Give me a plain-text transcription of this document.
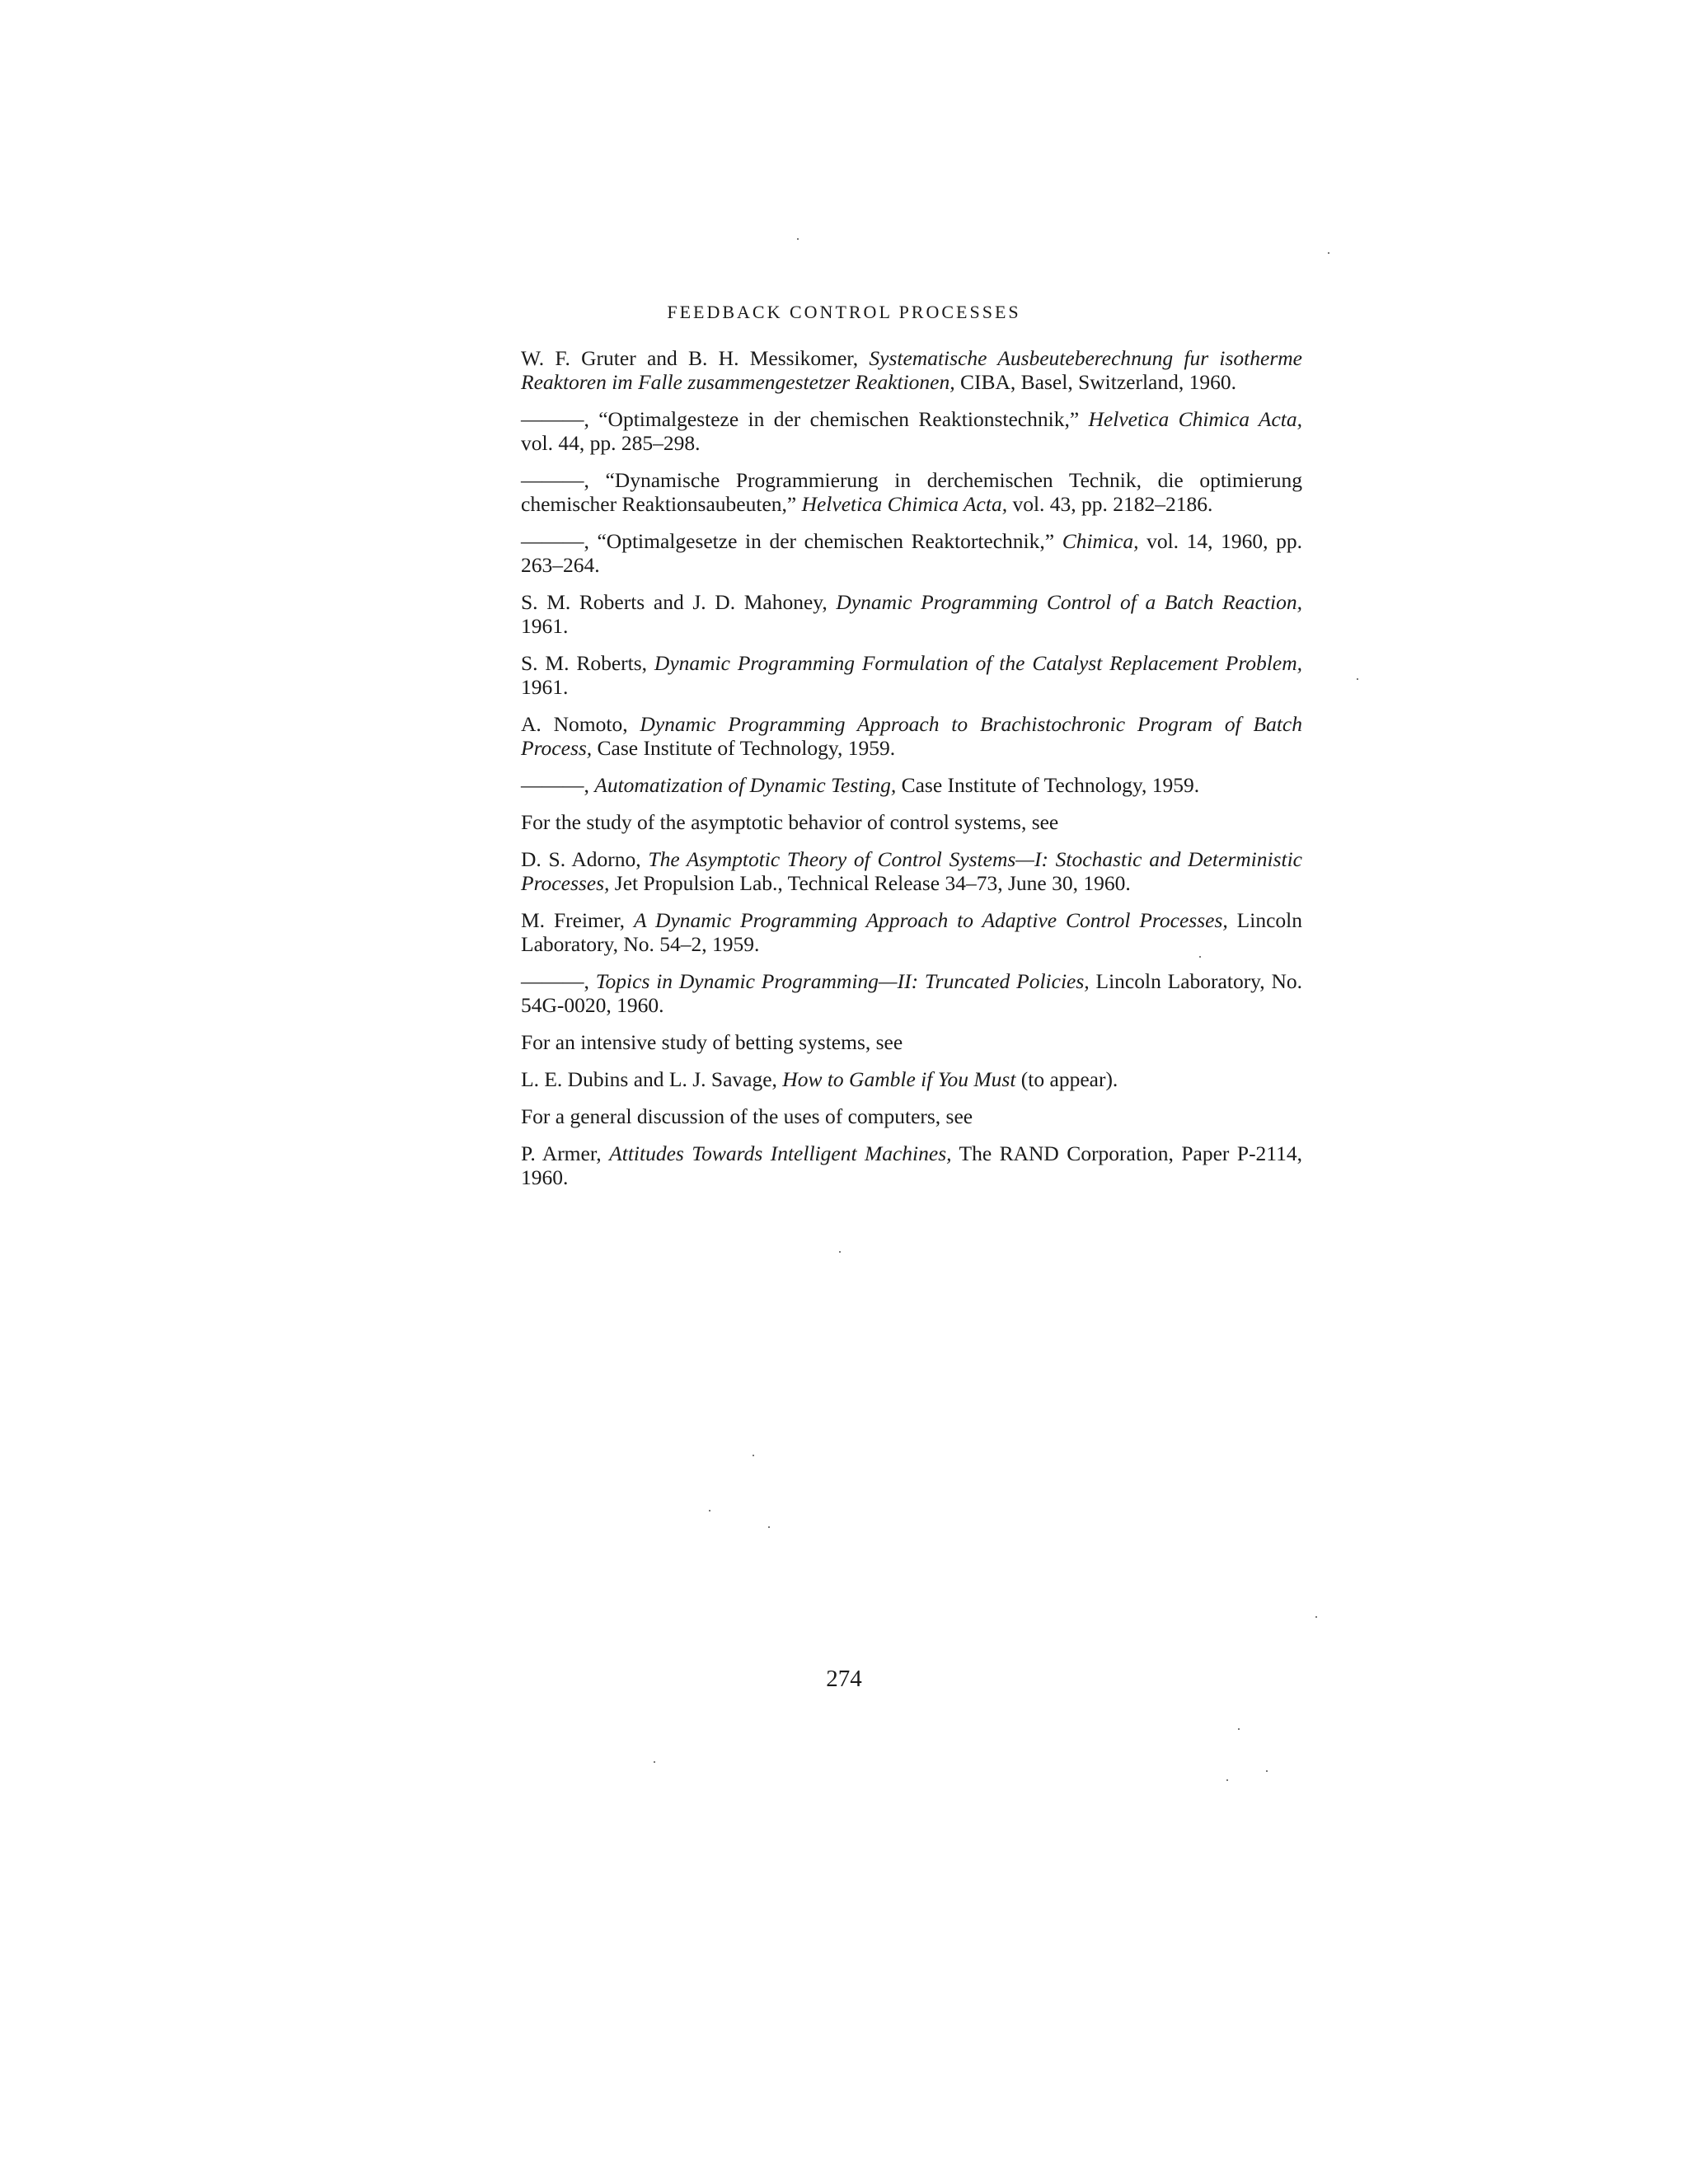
FEEDBACK CONTROL PROCESSES

W. F. Gruter and B. H. Messikomer, Systematische Ausbeuteberechnung fur isotherme Reaktoren im Falle zusammengestetzer Reaktionen, CIBA, Basel, Switzerland, 1960.

———, “Optimalgesteze in der chemischen Reaktionstechnik,” Helvetica Chimica Acta, vol. 44, pp. 285–298.

———, “Dynamische Programmierung in derchemischen Technik, die optimierung chemischer Reaktionsaubeuten,” Helvetica Chimica Acta, vol. 43, pp. 2182–2186.

———, “Optimalgesetze in der chemischen Reaktortechnik,” Chimica, vol. 14, 1960, pp. 263–264.

S. M. Roberts and J. D. Mahoney, Dynamic Programming Control of a Batch Reaction, 1961.

S. M. Roberts, Dynamic Programming Formulation of the Catalyst Replacement Problem, 1961.

A. Nomoto, Dynamic Programming Approach to Brachistochronic Program of Batch Process, Case Institute of Technology, 1959.

———, Automatization of Dynamic Testing, Case Institute of Technology, 1959.

For the study of the asymptotic behavior of control systems, see

D. S. Adorno, The Asymptotic Theory of Control Systems—I: Stochastic and Deterministic Processes, Jet Propulsion Lab., Technical Release 34–73, June 30, 1960.

M. Freimer, A Dynamic Programming Approach to Adaptive Control Processes, Lincoln Laboratory, No. 54–2, 1959.

———, Topics in Dynamic Programming—II: Truncated Policies, Lincoln Laboratory, No. 54G-0020, 1960.

For an intensive study of betting systems, see

L. E. Dubins and L. J. Savage, How to Gamble if You Must (to appear).

For a general discussion of the uses of computers, see

P. Armer, Attitudes Towards Intelligent Machines, The RAND Corporation, Paper P-2114, 1960.

274
